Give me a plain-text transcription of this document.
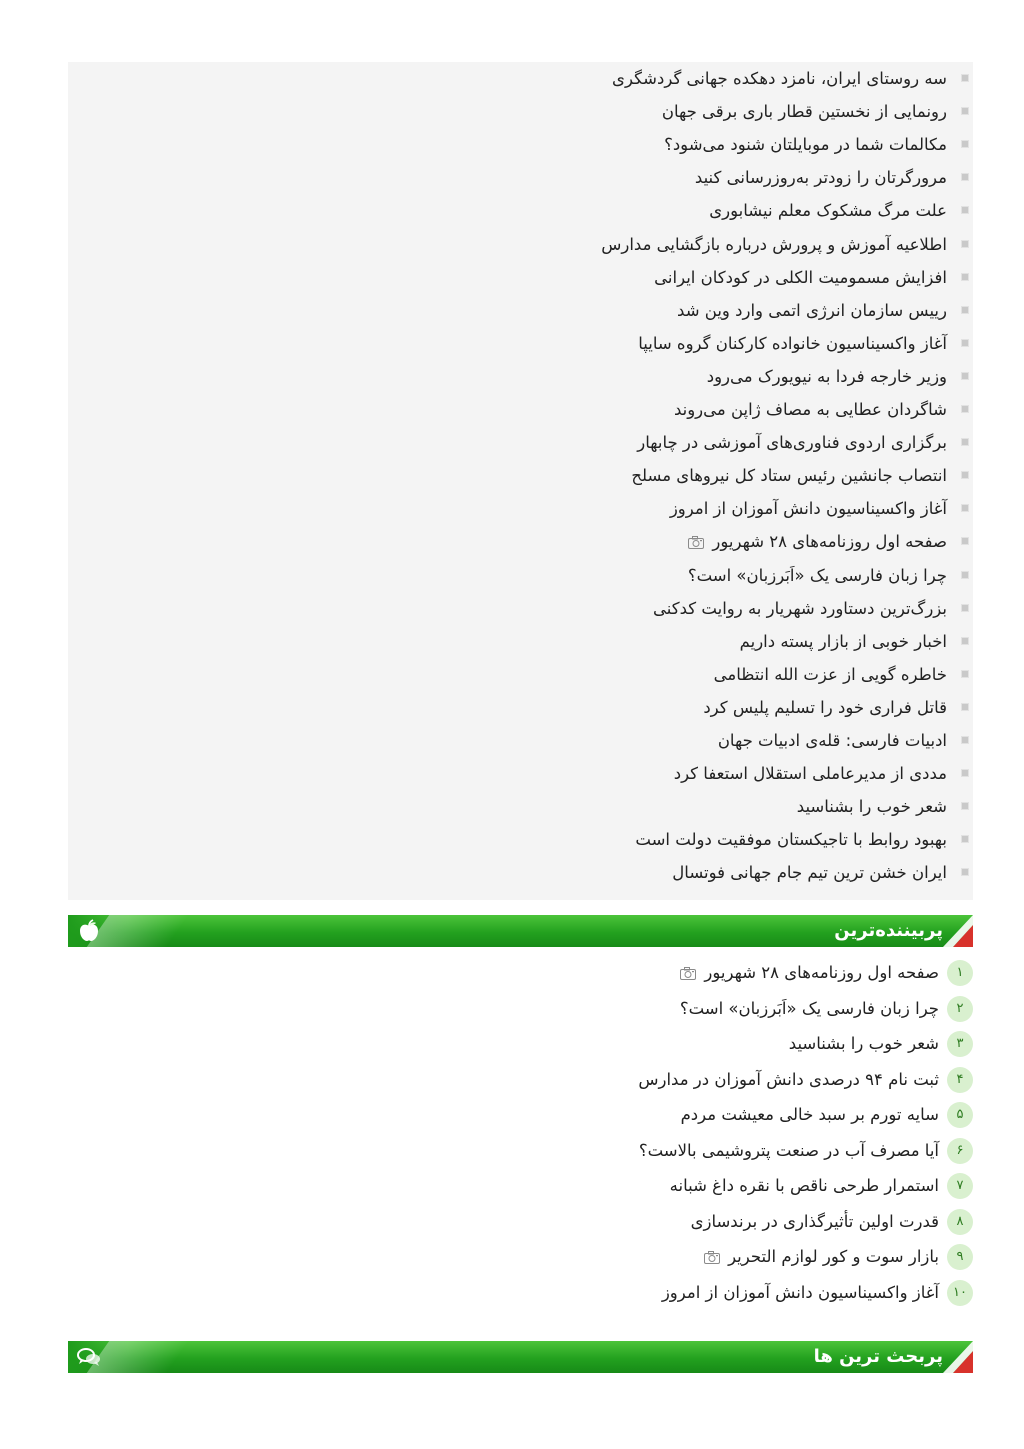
سه روستای ایران، نامزد دهکده جهانی گردشگری
رونمایی از نخستین قطار باری برقی جهان
مکالمات شما در موبایلتان شنود می‌شود؟
مرورگرتان را زودتر به‌روزرسانی کنید
علت مرگ مشکوک معلم نیشابوری
اطلاعیه آموزش و پرورش درباره بازگشایی مدارس
افزایش مسمومیت الکلی در کودکان ایرانی
رییس سازمان انرژی اتمی وارد وین شد
آغاز واکسیناسیون خانواده کارکنان گروه سایپا
وزیر خارجه فردا به نیویورک می‌رود
شاگردان عطایی به مصاف ژاپن می‌روند
برگزاری اردوی فناوری‌های آموزشی در چابهار
انتصاب جانشین رئیس ستاد کل نیروهای مسلح
آغاز واکسیناسیون دانش آموزان از امروز
صفحه اول روزنامه‌های ۲۸ شهریور
چرا زبان فارسی یک «اَبَرزبان» است؟
بزرگ‌ترین دستاورد شهریار به روایت کدکنی
اخبار خوبی از بازار پسته داریم
خاطره گویی از عزت الله انتظامی
قاتل فراری خود را تسلیم پلیس کرد
ادبیات فارسی: قله‌ی ادبیات جهان
مددی از مدیرعاملی استقلال استعفا کرد
شعر خوب را بشناسید
بهبود روابط با تاجیکستان موفقیت دولت است
ایران خشن ترین تیم جام جهانی فوتسال
پربیننده‌ترین
۱
صفحه اول روزنامه‌های ۲۸ شهریور
۲
چرا زبان فارسی یک «اَبَرزبان» است؟
۳
شعر خوب را بشناسید
۴
ثبت نام ۹۴ درصدی دانش آموزان در مدارس
۵
سایه تورم بر سبد خالی معیشت مردم
۶
آیا مصرف آب در صنعت پتروشیمی بالاست؟
۷
استمرار طرحی ناقص با نقره داغ شبانه
۸
قدرت اولین تأثیرگذاری در برندسازی
۹
بازار سوت و کور لوازم التحریر
۱۰
آغاز واکسیناسیون دانش آموزان از امروز
پربحث ترین ها
